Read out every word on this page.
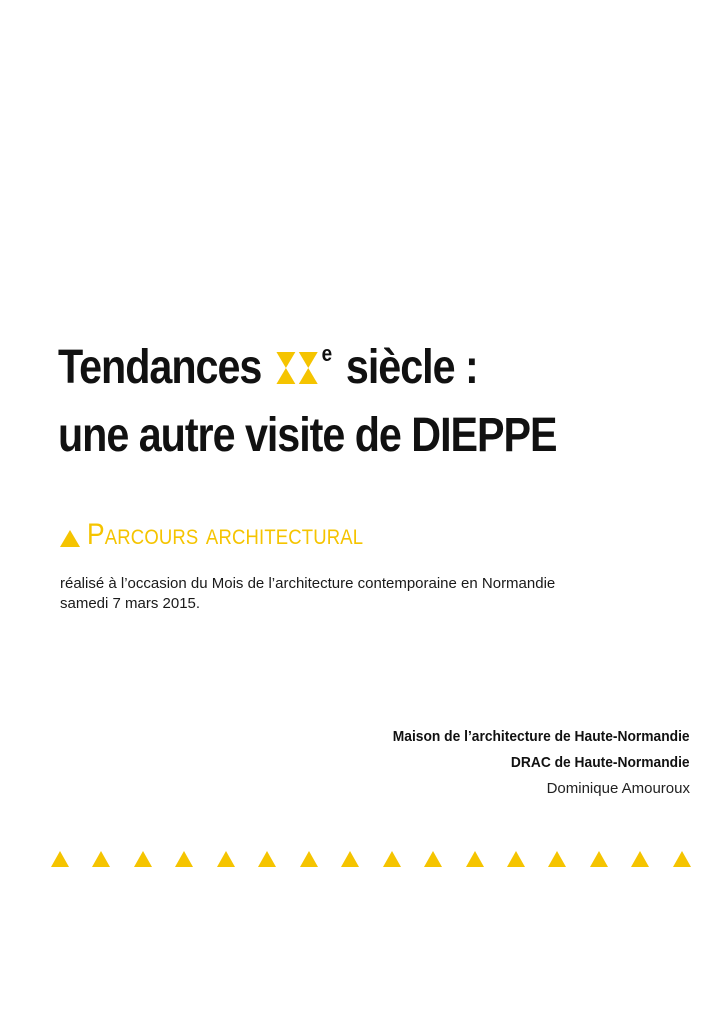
Tendances	$^e$ siècle :
une autre visite de DIEPPE
Parcours architectural

réalisé à l’occasion du Mois de l’architecture contemporaine en Normandie

samedi 7 mars 2015.

Maison de l’architecture de Haute-Normandie

DRAC de Haute-Normandie

Dominique Amouroux
